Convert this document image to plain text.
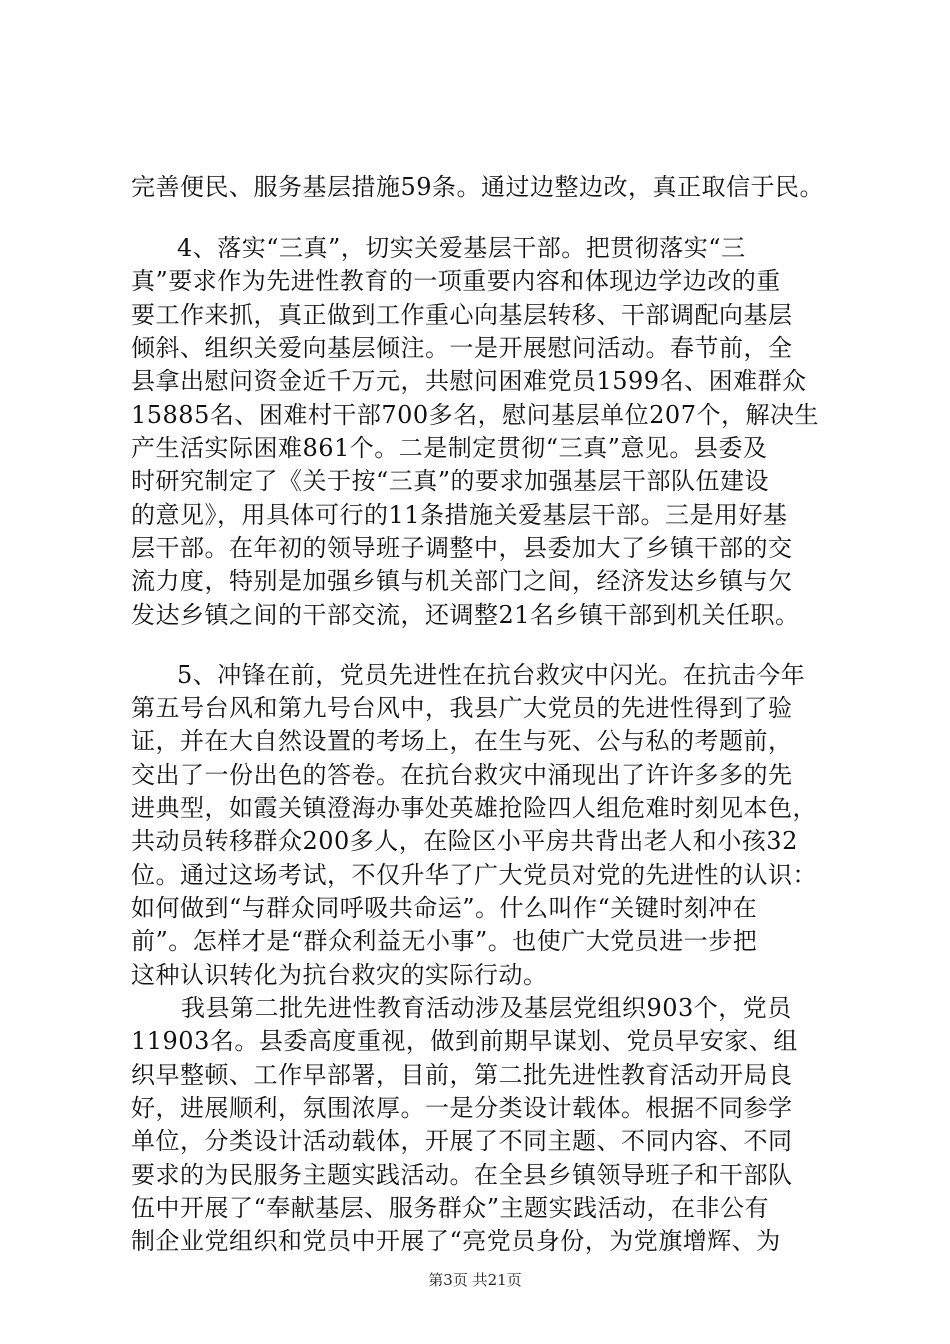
完善便民、服务基层措施59条。通过边整边改，真正取信于民。
4、落实“三真”，切实关爱基层干部。把贯彻落实“三
真”要求作为先进性教育的一项重要内容和体现边学边改的重
要工作来抓，真正做到工作重心向基层转移、干部调配向基层
倾斜、组织关爱向基层倾注。一是开展慰问活动。春节前，全
县拿出慰问资金近千万元，共慰问困难党员1599名、困难群众
15885名、困难村干部700多名，慰问基层单位207个，解决生
产生活实际困难861个。二是制定贯彻“三真”意见。县委及
时研究制定了《关于按“三真”的要求加强基层干部队伍建设
的意见》，用具体可行的11条措施关爱基层干部。三是用好基
层干部。在年初的领导班子调整中，县委加大了乡镇干部的交
流力度，特别是加强乡镇与机关部门之间，经济发达乡镇与欠
发达乡镇之间的干部交流，还调整21名乡镇干部到机关任职。
5、冲锋在前，党员先进性在抗台救灾中闪光。在抗击今年
第五号台风和第九号台风中，我县广大党员的先进性得到了验
证，并在大自然设置的考场上，在生与死、公与私的考题前，
交出了一份出色的答卷。在抗台救灾中涌现出了许许多多的先
进典型，如霞关镇澄海办事处英雄抢险四人组危难时刻见本色，
共动员转移群众200多人，在险区小平房共背出老人和小孩32
位。通过这场考试，不仅升华了广大党员对党的先进性的认识：
如何做到“与群众同呼吸共命运”。什么叫作“关键时刻冲在
前”。怎样才是“群众利益无小事”。也使广大党员进一步把
这种认识转化为抗台救灾的实际行动。
我县第二批先进性教育活动涉及基层党组织903个，党员
11903名。县委高度重视，做到前期早谋划、党员早安家、组
织早整顿、工作早部署，目前，第二批先进性教育活动开局良
好，进展顺利，氛围浓厚。一是分类设计载体。根据不同参学
单位，分类设计活动载体，开展了不同主题、不同内容、不同
要求的为民服务主题实践活动。在全县乡镇领导班子和干部队
伍中开展了“奉献基层、服务群众”主题实践活动，在非公有
制企业党组织和党员中开展了“亮党员身份，为党旗增辉、为
第3页 共21页
